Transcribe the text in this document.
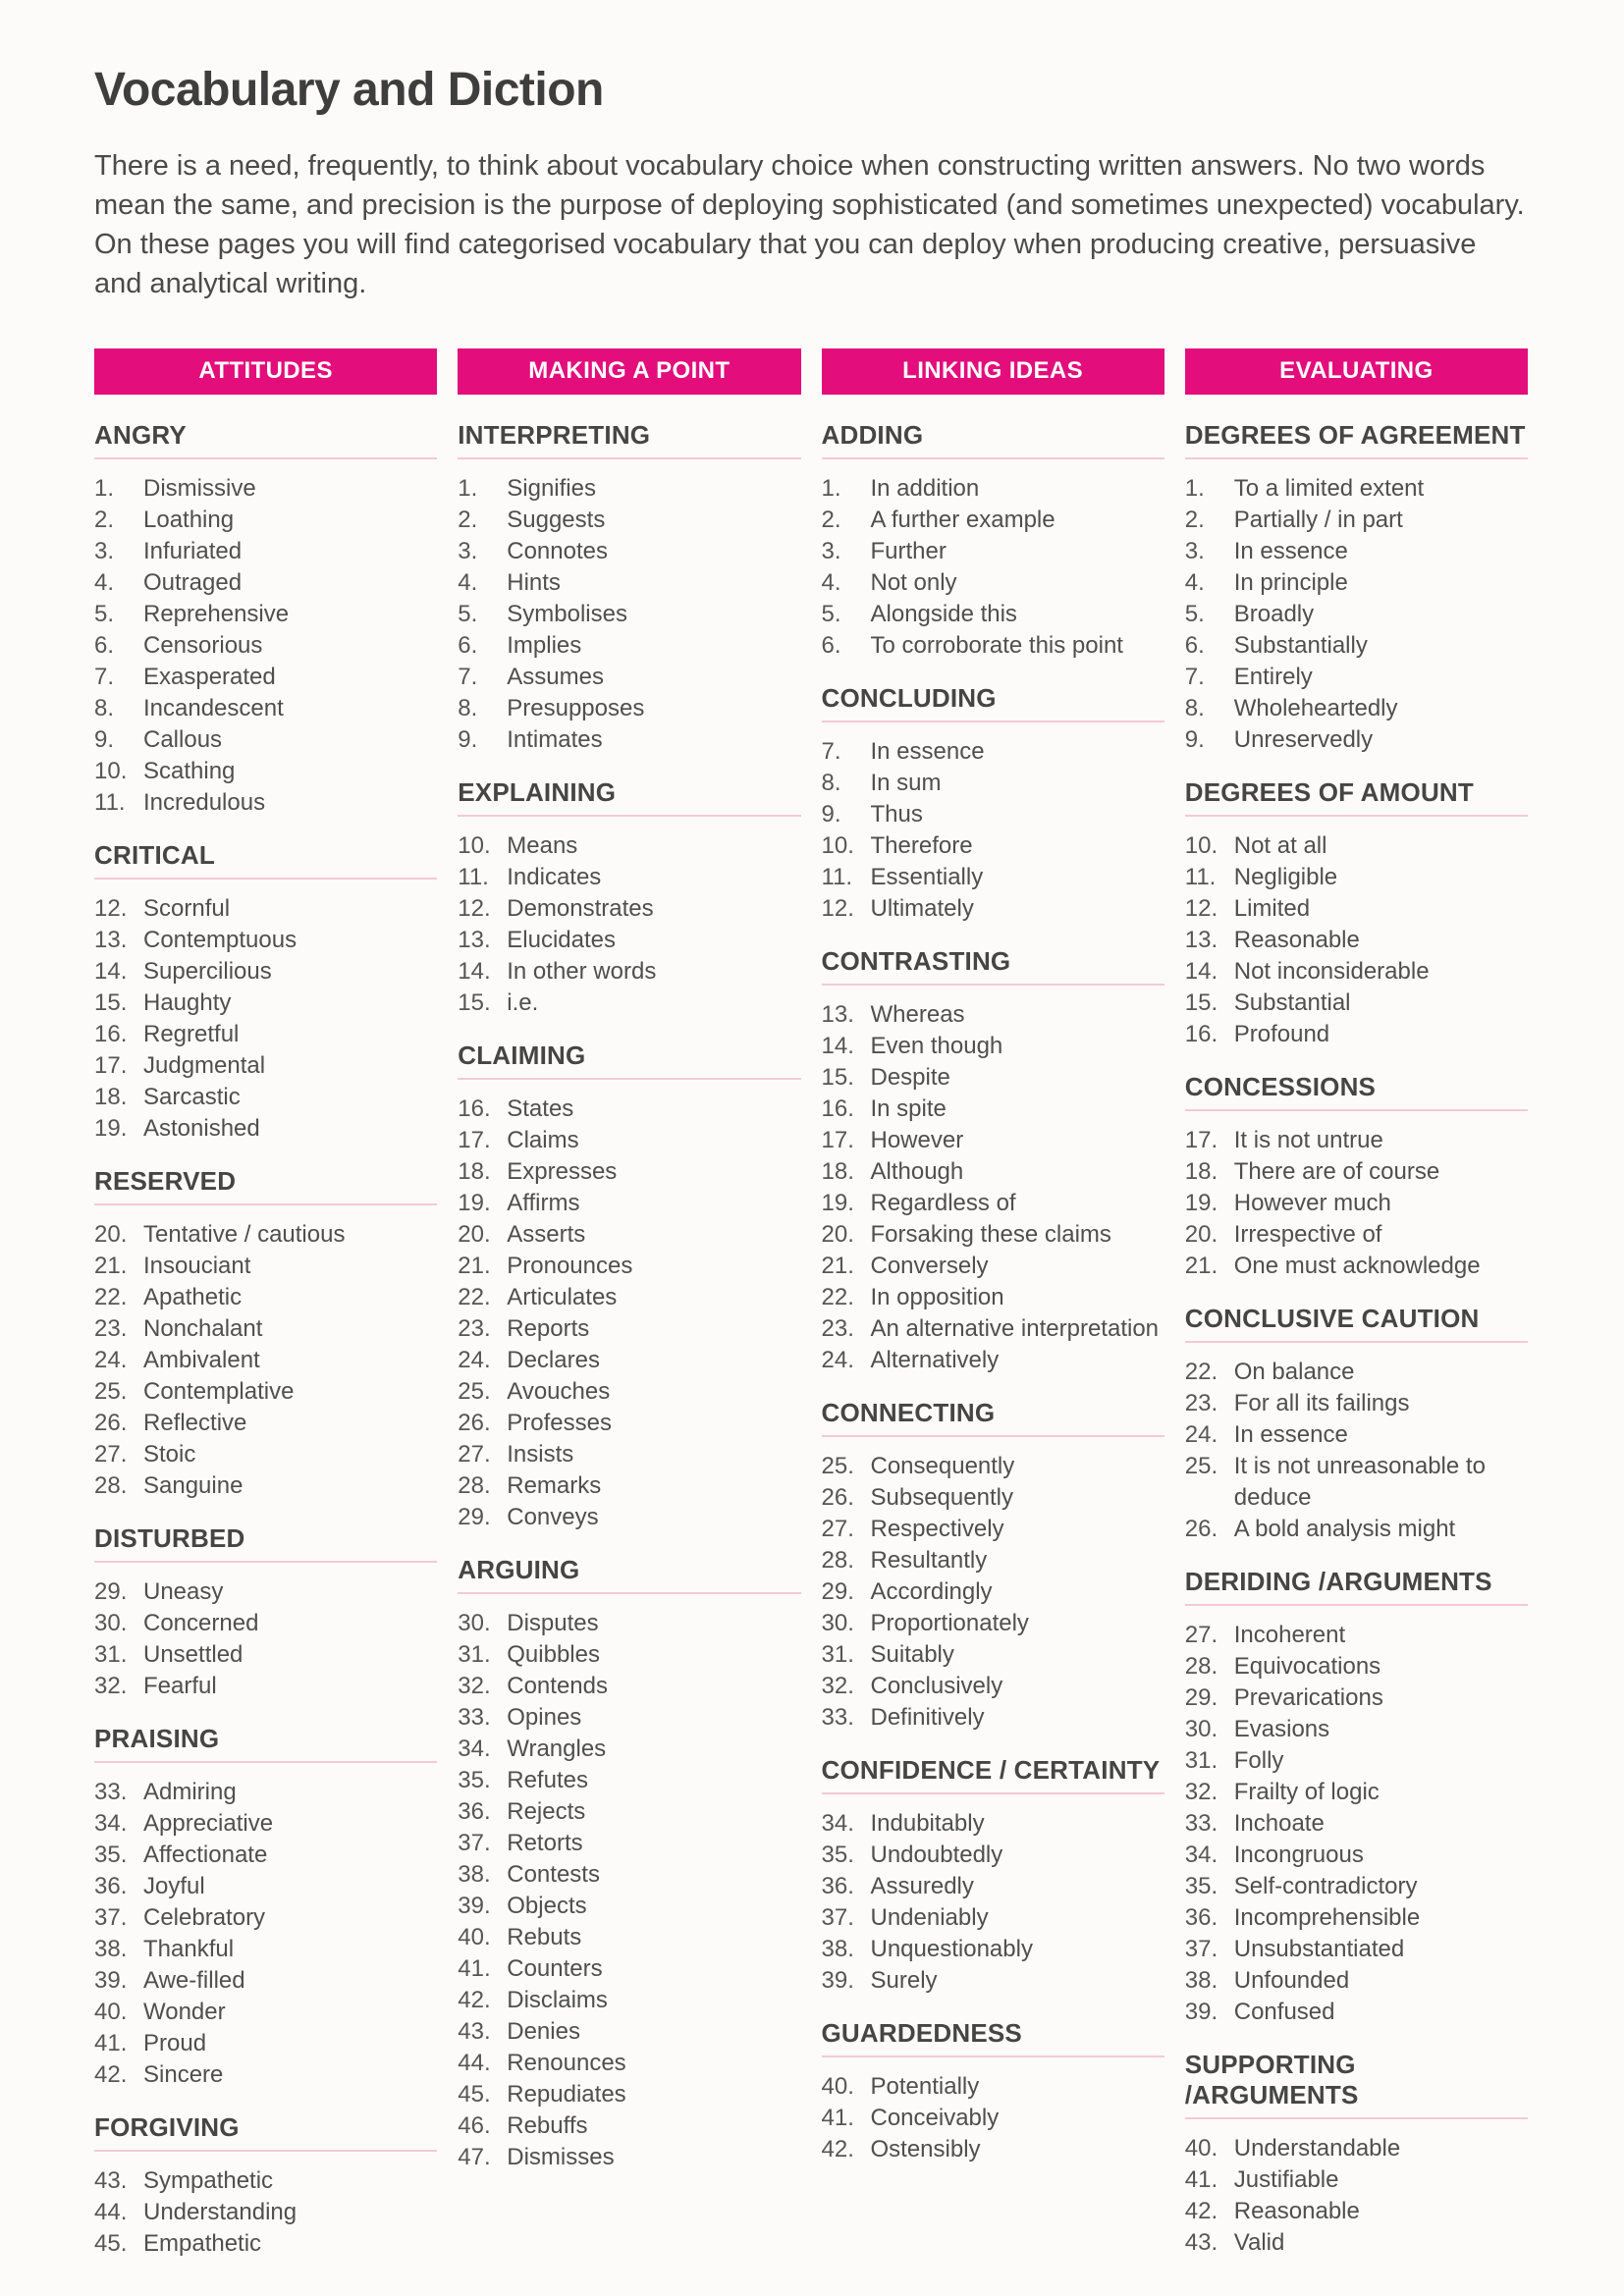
Vocabulary and Diction

There is a need, frequently, to think about vocabulary choice when constructing written answers. No two words mean the same, and precision is the purpose of deploying sophisticated (and sometimes unexpected) vocabulary. On these pages you will find categorised vocabulary that you can deploy when producing creative, persuasive and analytical writing.

ATTITUDES
ANGRY
1.	Dismissive
2.	Loathing
3.	Infuriated
4.	Outraged
5.	Reprehensive
6.	Censorious
7.	Exasperated
8.	Incandescent
9.	Callous
10. Scathing
11. Incredulous
CRITICAL
12. Scornful
13. Contemptuous
14. Supercilious
15. Haughty
16. Regretful
17. Judgmental
18. Sarcastic
19. Astonished
RESERVED
20. Tentative / cautious
21. Insouciant
22. Apathetic
23. Nonchalant
24. Ambivalent
25. Contemplative
26. Reflective
27. Stoic
28. Sanguine
DISTURBED
29. Uneasy
30. Concerned
31. Unsettled
32. Fearful
PRAISING
33. Admiring
34. Appreciative
35. Affectionate
36. Joyful
37. Celebratory
38. Thankful
39. Awe-filled
40. Wonder
41. Proud
42. Sincere
FORGIVING
43. Sympathetic
44. Understanding
45. Empathetic
MAKING A POINT
INTERPRETING
1.	Signifies
2.	Suggests
3.	Connotes
4.	Hints
5.	Symbolises
6.	Implies
7.	Assumes
8.	Presupposes
9.	Intimates
EXPLAINING
10. Means
11. Indicates
12. Demonstrates
13. Elucidates
14. In other words
15. i.e.
CLAIMING
16. States
17. Claims
18. Expresses
19. Affirms
20. Asserts
21. Pronounces
22. Articulates
23. Reports
24. Declares
25. Avouches
26. Professes
27. Insists
28. Remarks
29. Conveys
ARGUING
30. Disputes
31. Quibbles
32. Contends
33. Opines
34. Wrangles
35. Refutes
36. Rejects
37. Retorts
38. Contests
39. Objects
40. Rebuts
41. Counters
42. Disclaims
43. Denies
44. Renounces
45. Repudiates
46. Rebuffs
47. Dismisses
LINKING IDEAS
ADDING
1.	In addition
2.	A further example
3.	Further
4.	Not only
5.	Alongside this
6.	To corroborate this point
CONCLUDING
7.	In essence
8.	In sum
9.	Thus
10. Therefore
11. Essentially
12. Ultimately
CONTRASTING
13. Whereas
14. Even though
15. Despite
16. In spite
17. However
18. Although
19. Regardless of
20. Forsaking these claims
21. Conversely
22. In opposition
23. An alternative interpretation
24. Alternatively
CONNECTING
25. Consequently
26. Subsequently
27. Respectively
28. Resultantly
29. Accordingly
30. Proportionately
31. Suitably
32. Conclusively
33. Definitively
CONFIDENCE / CERTAINTY
34. Indubitably
35. Undoubtedly
36. Assuredly
37. Undeniably
38. Unquestionably
39. Surely
GUARDEDNESS
40. Potentially
41. Conceivably
42. Ostensibly
EVALUATING
DEGREES OF AGREEMENT
1.	To a limited extent
2.	Partially / in part
3.	In essence
4.	In principle
5.	Broadly
6.	Substantially
7.	Entirely
8.	Wholeheartedly
9.	Unreservedly
DEGREES OF AMOUNT
10. Not at all
11. Negligible
12. Limited
13. Reasonable
14. Not inconsiderable
15. Substantial
16. Profound
CONCESSIONS
17. It is not untrue
18. There are of course
19. However much
20. Irrespective of
21. One must acknowledge
CONCLUSIVE CAUTION
22. On balance
23. For all its failings
24. In essence
25. It is not unreasonable to deduce
26. A bold analysis might
DERIDING /ARGUMENTS
27. Incoherent
28. Equivocations
29. Prevarications
30. Evasions
31. Folly
32. Frailty of logic
33. Inchoate
34. Incongruous
35. Self-contradictory
36. Incomprehensible
37. Unsubstantiated
38. Unfounded
39. Confused
SUPPORTING /ARGUMENTS
40. Understandable
41. Justifiable
42. Reasonable
43. Valid
